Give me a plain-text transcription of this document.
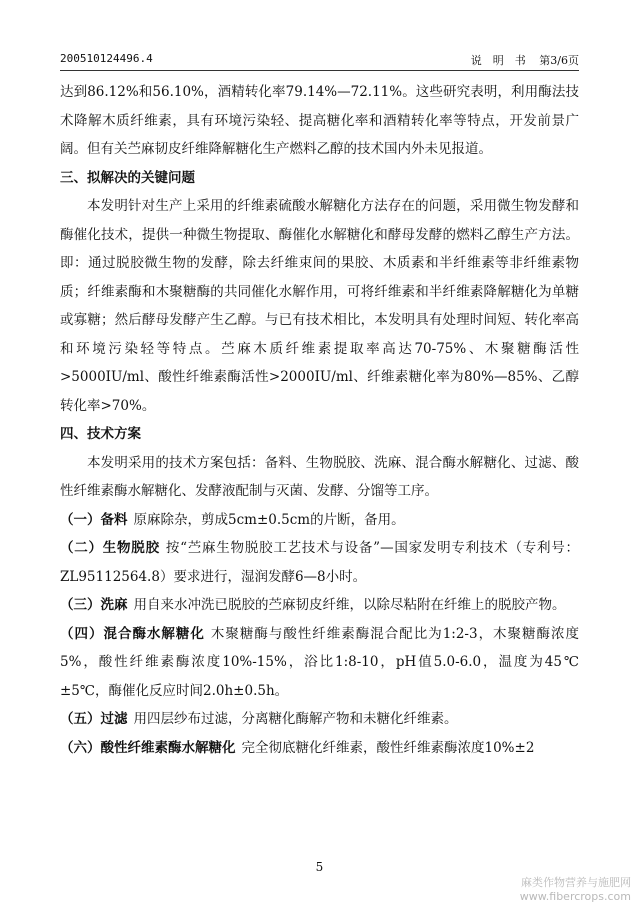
200510124496.4	说　明　书 第3/6页

达到86.12%和56.10%，酒精转化率79.14%—72.11%。这些研究表明，利用酶法技术降解木质纤维素，具有环境污染轻、提高糖化率和酒精转化率等特点，开发前景广阔。但有关苎麻韧皮纤维降解糖化生产燃料乙醇的技术国内外未见报道。

三、拟解决的关键问题

本发明针对生产上采用的纤维素硫酸水解糖化方法存在的问题，采用微生物发酵和酶催化技术，提供一种微生物提取、酶催化水解糖化和酵母发酵的燃料乙醇生产方法。即：通过脱胶微生物的发酵，除去纤维束间的果胶、木质素和半纤维素等非纤维素物质；纤维素酶和木聚糖酶的共同催化水解作用，可将纤维素和半纤维素降解糖化为单糖或寡糖；然后酵母发酵产生乙醇。与已有技术相比，本发明具有处理时间短、转化率高和环境污染轻等特点。苎麻木质纤维素提取率高达70-75%、木聚糖酶活性>5000IU/ml、酸性纤维素酶活性>2000IU/ml、纤维素糖化率为80%—85%、乙醇转化率>70%。

四、技术方案

本发明采用的技术方案包括：备料、生物脱胶、洗麻、混合酶水解糖化、过滤、酸性纤维素酶水解糖化、发酵液配制与灭菌、发酵、分馏等工序。

（一）备料 原麻除杂，剪成5cm±0.5cm的片断，备用。

（二）生物脱胶 按“苎麻生物脱胶工艺技术与设备”—国家发明专利技术（专利号：ZL95112564.8）要求进行，湿润发酵6—8小时。

（三）洗麻 用自来水冲洗已脱胶的苎麻韧皮纤维，以除尽粘附在纤维上的脱胶产物。

（四）混合酶水解糖化 木聚糖酶与酸性纤维素酶混合配比为1:2-3，木聚糖酶浓度5%，酸性纤维素酶浓度10%-15%，浴比1:8-10，pH值5.0-6.0，温度为45℃±5℃，酶催化反应时间2.0h±0.5h。

（五）过滤 用四层纱布过滤，分离糖化酶解产物和未糖化纤维素。

（六）酸性纤维素酶水解糖化 完全彻底糖化纤维素，酸性纤维素酶浓度10%±2

5
麻类作物营养与施肥网
www.fibercrops.com
